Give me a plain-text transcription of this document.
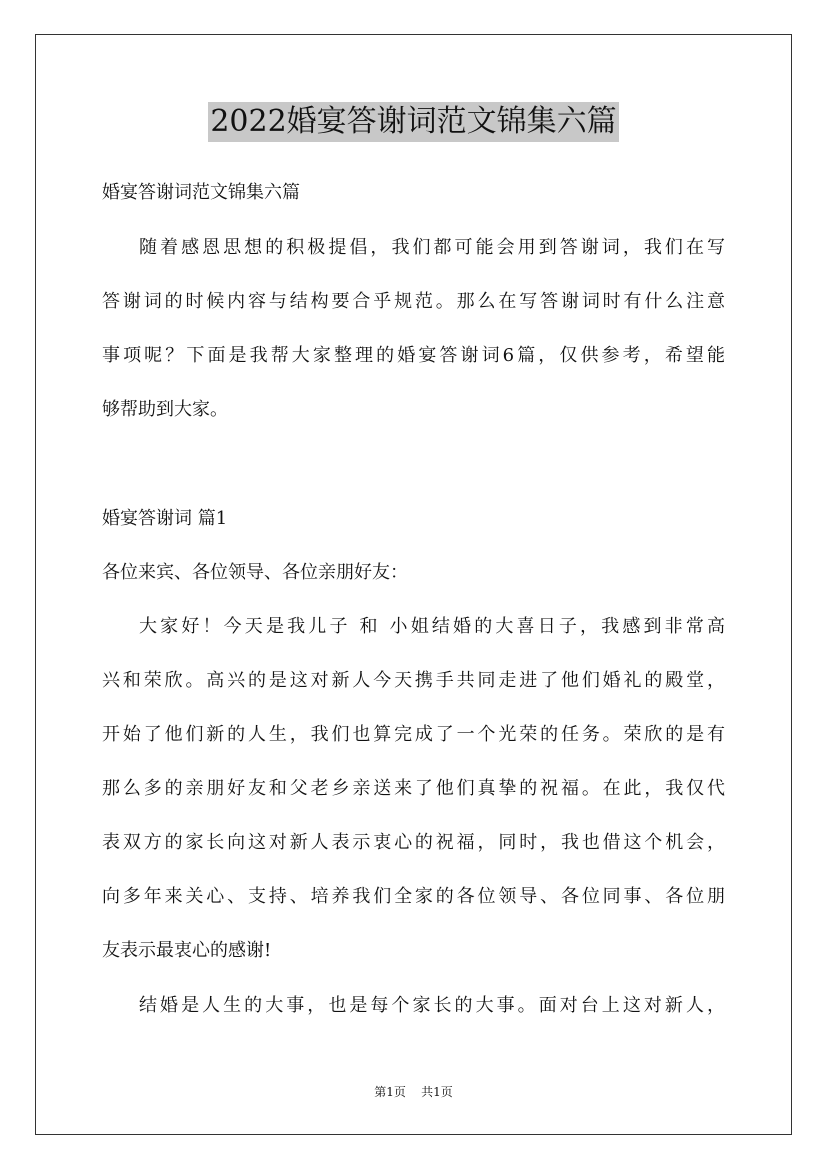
2022婚宴答谢词范文锦集六篇
婚宴答谢词范文锦集六篇
随着感恩思想的积极提倡，我们都可能会用到答谢词，我们在写
答谢词的时候内容与结构要合乎规范。那么在写答谢词时有什么注意
事项呢？下面是我帮大家整理的婚宴答谢词6篇，仅供参考，希望能
够帮助到大家。
婚宴答谢词 篇1
各位来宾、各位领导、各位亲朋好友：
大家好！今天是我儿子 和 小姐结婚的大喜日子，我感到非常高
兴和荣欣。高兴的是这对新人今天携手共同走进了他们婚礼的殿堂，
开始了他们新的人生，我们也算完成了一个光荣的任务。荣欣的是有
那么多的亲朋好友和父老乡亲送来了他们真挚的祝福。在此，我仅代
表双方的家长向这对新人表示衷心的祝福，同时，我也借这个机会，
向多年来关心、支持、培养我们全家的各位领导、各位同事、各位朋
友表示最衷心的感谢!
结婚是人生的大事，也是每个家长的大事。面对台上这对新人，
第1页 共1页
